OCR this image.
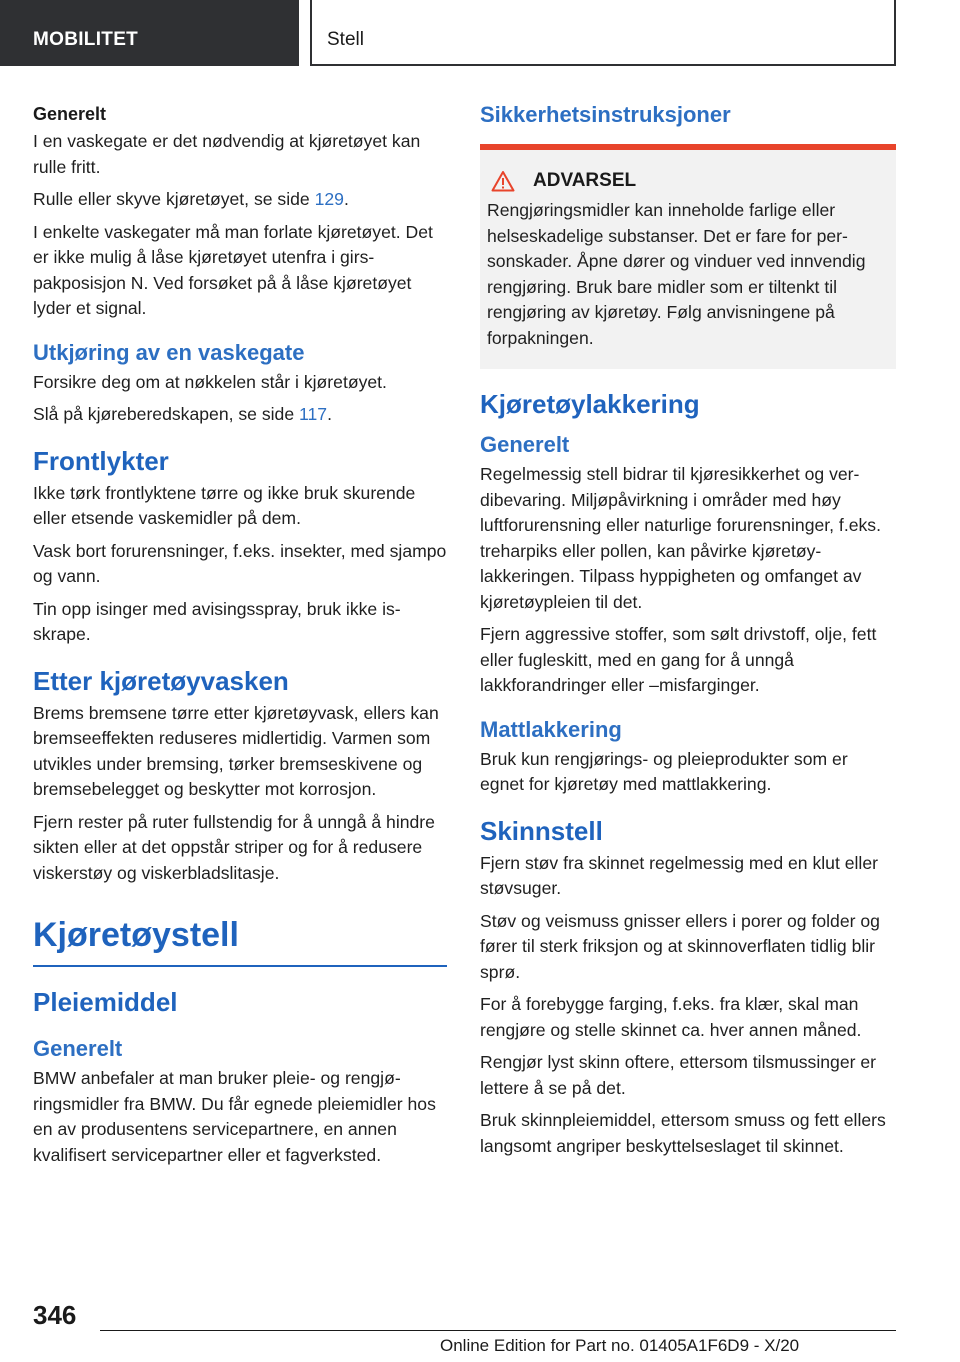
MOBILITET	Stell
Generelt

I en vaskegate er det nødvendig at kjøretøyet kan rulle fritt.

Rulle eller skyve kjøretøyet, se side 129.

I enkelte vaskegater må man forlate kjøretøyet. Det er ikke mulig å låse kjøretøyet utenfra i girspakposisjon N. Ved forsøket på å låse kjøretøyet lyder et signal.

Utkjøring av en vaskegate

Forsikre deg om at nøkkelen står i kjøretøyet.

Slå på kjøreberedskapen, se side 117.

Frontlykter

Ikke tørk frontlyktene tørre og ikke bruk skurende eller etsende vaskemidler på dem.

Vask bort forurensninger, f.eks. insekter, med sjampo og vann.

Tin opp isinger med avisingsspray, bruk ikke isskrape.

Etter kjøretøyvasken

Brems bremsene tørre etter kjøretøyvask, ellers kan bremseeffekten reduseres midlertidig. Varmen som utvikles under bremsing, tørker bremseskivene og bremsebelegget og beskytter mot korrosjon.

Fjern rester på ruter fullstendig for å unngå å hindre sikten eller at det oppstår striper og for å redusere viskerstøy og viskerbladslitasje.

Kjøretøystell
Pleiemiddel
Generelt

BMW anbefaler at man bruker pleie- og rengjøringsmidler fra BMW. Du får egnede pleiemidler hos en av produsentens servicepartnere, en annen kvalifisert servicepartner eller et fagverksted.

Sikkerhetsinstruksjoner
ADVARSEL

Rengjøringsmidler kan inneholde farlige eller helseskadelige substanser. Det er fare for personskader. Åpne dører og vinduer ved innvendig rengjøring. Bruk bare midler som er tiltenkt til rengjøring av kjøretøy. Følg anvisningene på forpakningen.

Kjøretøylakkering
Generelt

Regelmessig stell bidrar til kjøresikkerhet og verdibevaring. Miljøpåvirkning i områder med høy luftforurensning eller naturlige forurensninger, f.eks. treharpiks eller pollen, kan påvirke kjøretøylakkeringen. Tilpass hyppigheten og omfanget av kjøretøypleien til det.

Fjern aggressive stoffer, som sølt drivstoff, olje, fett eller fugleskitt, med en gang for å unngå lakkforandringer eller –misfarginger.

Mattlakkering

Bruk kun rengjørings- og pleieprodukter som er egnet for kjøretøy med mattlakkering.

Skinnstell

Fjern støv fra skinnet regelmessig med en klut eller støvsuger.

Støv og veismuss gnisser ellers i porer og folder og fører til sterk friksjon og at skinnoverflaten tidlig blir sprø.

For å forebygge farging, f.eks. fra klær, skal man rengjøre og stelle skinnet ca. hver annen måned.

Rengjør lyst skinn oftere, ettersom tilsmussinger er lettere å se på det.

Bruk skinnpleiemiddel, ettersom smuss og fett ellers langsomt angriper beskyttelseslaget til skinnet.

346
Online Edition for Part no. 01405A1F6D9 - X/20
